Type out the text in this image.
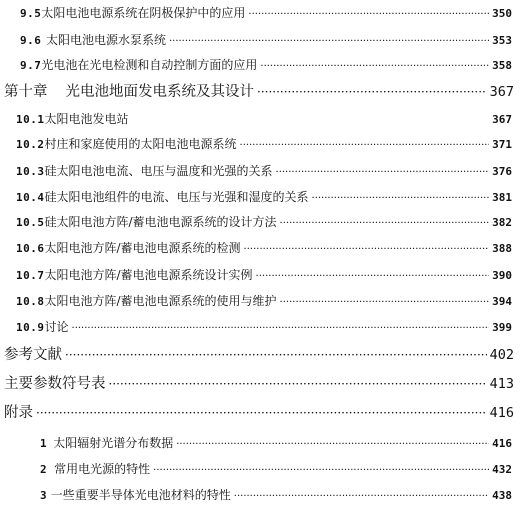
9.5 太阳电池电源系统在阴极保护中的应用 ·····	350
9.6 太阳电池电源水泵系统 ·····	353
9.7 光电池在光电检测和自动控制方面的应用 ·····	358
第十章 光电池地面发电系统及其设计 ·····	367
10.1 太阳电池发电站	367
10.2 村庄和家庭使用的太阳电池电源系统 ·····	371
10.3 硅太阳电池电流、电压与温度和光强的关系 ·····	376
10.4 硅太阳电池组件的电流、电压与光强和湿度的关系 ·····	381
10.5 硅太阳电池方阵/蓄电池电源系统的设计方法 ·····	382
10.6 太阳电池方阵/蓄电池电源系统的检测 ·····	388
10.7 太阳电池方阵/蓄电池电源系统设计实例 ·····	390
10.8 太阳电池方阵/蓄电池电源系统的使用与维护 ·····	394
10.9 讨论 ·····	399
参考文献 ·····	402
主要参数符号表 ·····	413
附录 ·····	416
1 太阳辐射光谱分布数据 ·····	416
2 常用电光源的特性 ·····	432
3 一些重要半导体光电池材料的特性 ·····	438
